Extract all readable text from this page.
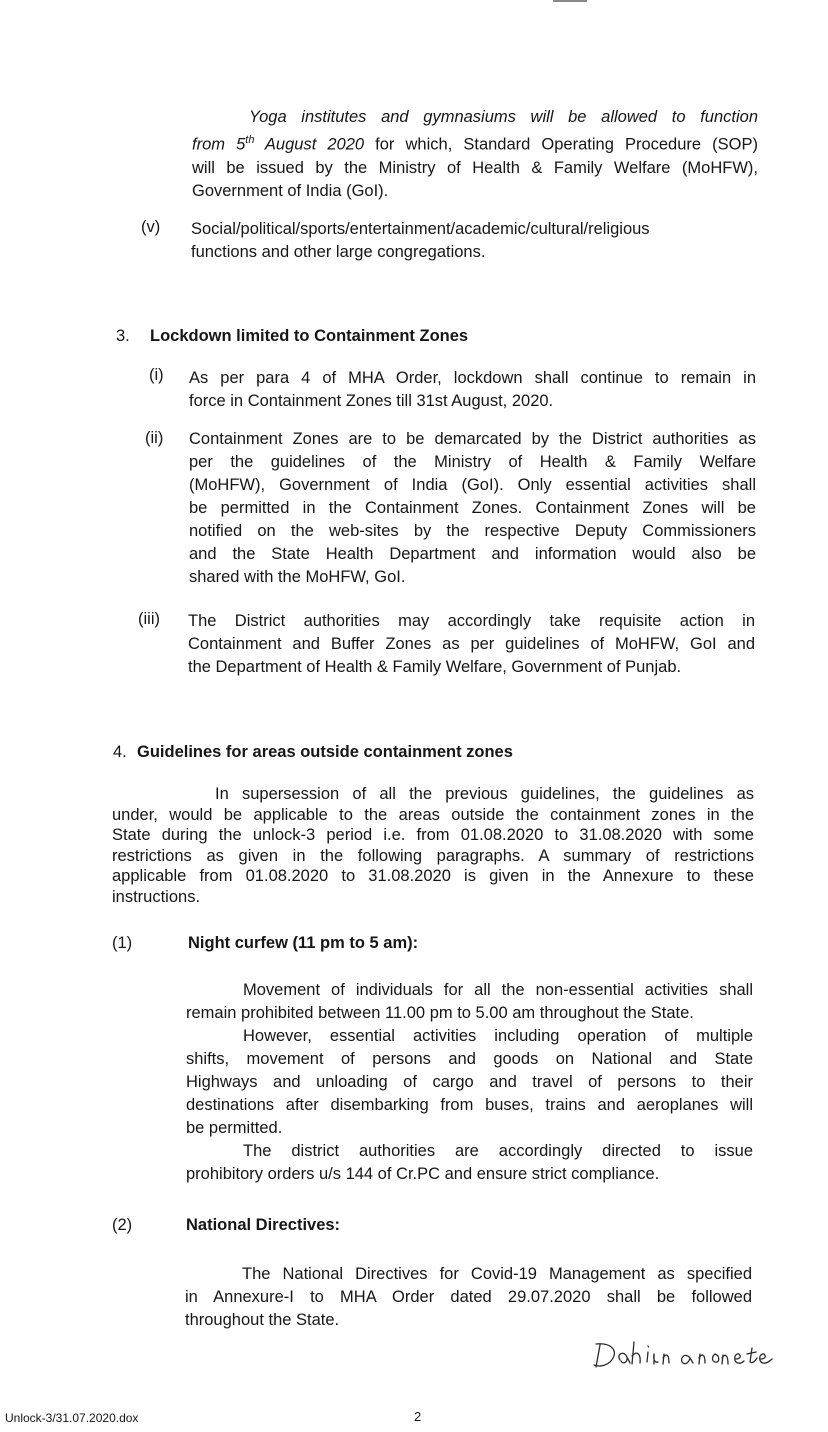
Yoga institutes and gymnasiums will be allowed to function
from 5th August 2020 for which, Standard Operating Procedure (SOP)
will be issued by the Ministry of Health & Family Welfare (MoHFW),
Government of India (GoI).
(v) Social/political/sports/entertainment/academic/cultural/religious
functions and other large congregations.
3. Lockdown limited to Containment Zones
(i) As per para 4 of MHA Order, lockdown shall continue to remain in
force in Containment Zones till 31st August, 2020.
(ii) Containment Zones are to be demarcated by the District authorities as
per the guidelines of the Ministry of Health & Family Welfare
(MoHFW), Government of India (GoI). Only essential activities shall
be permitted in the Containment Zones. Containment Zones will be
notified on the web-sites by the respective Deputy Commissioners
and the State Health Department and information would also be
shared with the MoHFW, GoI.
(iii) The District authorities may accordingly take requisite action in
Containment and Buffer Zones as per guidelines of MoHFW, GoI and
the Department of Health & Family Welfare, Government of Punjab.
4. Guidelines for areas outside containment zones
In supersession of all the previous guidelines, the guidelines as
under, would be applicable to the areas outside the containment zones in the
State during the unlock-3 period i.e. from 01.08.2020 to 31.08.2020 with some
restrictions as given in the following paragraphs. A summary of restrictions
applicable from 01.08.2020 to 31.08.2020 is given in the Annexure to these
instructions.
(1)	Night curfew (11 pm to 5 am):
Movement of individuals for all the non-essential activities shall
remain prohibited between 11.00 pm to 5.00 am throughout the State.
However, essential activities including operation of multiple
shifts, movement of persons and goods on National and State
Highways and unloading of cargo and travel of persons to their
destinations after disembarking from buses, trains and aeroplanes will
be permitted.
The district authorities are accordingly directed to issue
prohibitory orders u/s 144 of Cr.PC and ensure strict compliance.
(2)	National Directives:
The National Directives for Covid-19 Management as specified
in Annexure-I to MHA Order dated 29.07.2020 shall be followed
throughout the State.
Unlock-3/31.07.2020.dox	2
